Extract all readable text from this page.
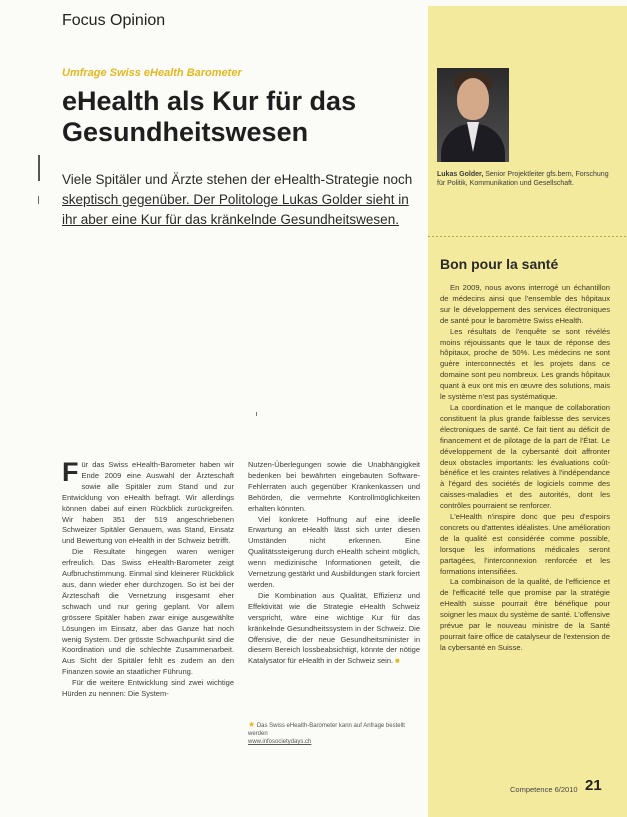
Focus Opinion
Lukas Golder, Senior Projektleiter gfs.bern, Forschung für Politik, Kommunikation und Gesellschaft.
Umfrage Swiss eHealth Barometer
eHealth als Kur für das Gesundheitswesen
Viele Spitäler und Ärzte stehen der eHealth-Strategie noch skeptisch gegenüber. Der Politologe Lukas Golder sieht in ihr aber eine Kur für das kränkelnde Gesundheitswesen.

Für das Swiss eHealth-Barometer haben wir Ende 2009 eine Auswahl der Ärzteschaft sowie alle Spitäler zum Stand und zur Entwicklung von eHealth befragt. Wir allerdings können dabei auf einen Rückblick zurückgreifen. Wir haben 351 der 519 angeschriebenen Schweizer Spitäler Genauem, was Stand, Einsatz und Bewertung von eHealth in der Schweiz betrifft.

Die Resultate hingegen waren weniger erfreulich. Das Swiss eHealth-Barometer zeigt Aufbruchstimmung. Einmal sind kleinerer Rückblick aus, dann wieder eher durchzogen. So ist bei der Ärzteschaft die Vernetzung insgesamt eher schwach und nur gering geplant. Vor allem grössere Spitäler haben zwar einige ausgewählte Lösungen im Einsatz, aber das Ganze hat noch wenig System. Der grösste Schwachpunkt sind die Koordination und die schlechte Zusammenarbeit. Aus Sicht der Spitäler fehlt es zudem an den Finanzen sowie an staatlicher Führung.

Für die weitere Entwicklung sind zwei wichtige Hürden zu nennen: Die System-

Nutzen-Überlegungen sowie die Unabhängigkeit bedenken bei bewährten eingebauten Software-Fehlerraten auch gegenüber Krankenkassen und Behörden, die vermehrte Kontrollmöglichkeiten erhalten könnten.

Viel konkrete Hoffnung auf eine ideelle Erwartung an eHealth lässt sich unter diesen Umständen nicht erkennen. Eine Qualitätssteigerung durch eHealth scheint möglich, wenn medizinische Informationen geteilt, die Vernetzung gestärkt und Ausbildungen stark forciert werden.

Die Kombination aus Qualität, Effizienz und Effektivität wie die Strategie eHealth Schweiz verspricht, wäre eine wichtige Kur für das kränkelnde Gesundheitssystem in der Schweiz. Die Offensive, die der neue Gesundheitsminister in diesem Bereich lossbeabsichtigt, könnte der nötige Katalysator für eHealth in der Schweiz sein. ■

★ Das Swiss eHealth-Barometer kann auf Anfrage bestellt werden
www.infosocietydays.ch
Bon pour la santé

En 2009, nous avons interrogé un échantillon de médecins ainsi que l'ensemble des hôpitaux sur le développement des services électroniques de santé pour le baromètre Swiss eHealth.

Les résultats de l'enquête se sont révélés moins réjouissants que le taux de réponse des hôpitaux, proche de 50%. Les médecins ne sont guère interconnectés et les projets dans ce domaine sont peu nombreux. Les grands hôpitaux quant à eux ont mis en œuvre des solutions, mais le système n'est pas systématique.

La coordination et le manque de collaboration constituent la plus grande faiblesse des services électroniques de santé. Ce fait tient au déficit de financement et de pilotage de la part de l'État. Le développement de la cybersanté doit affronter deux obstacles importants: les évaluations coût-bénéfice et les craintes relatives à l'indépendance à l'égard des sociétés de logiciels comme des caisses-maladies et des autorités, dont les contrôles pourraient se renforcer.

L'eHealth n'inspire donc que peu d'espoirs concrets ou d'attentes idéalistes. Une amélioration de la qualité est considérée comme possible, lorsque les informations médicales seront partagées, l'interconnexion renforcée et les formations intensifiées.

La combinaison de la qualité, de l'efficience et de l'efficacité telle que promise par la stratégie eHealth suisse pourrait être bénéfique pour soigner les maux du système de santé. L'offensive prévue par le nouveau ministre de la Santé pourrait faire office de catalyseur de l'extension de la cybersanté en Suisse.

Competence 6/2010 21
